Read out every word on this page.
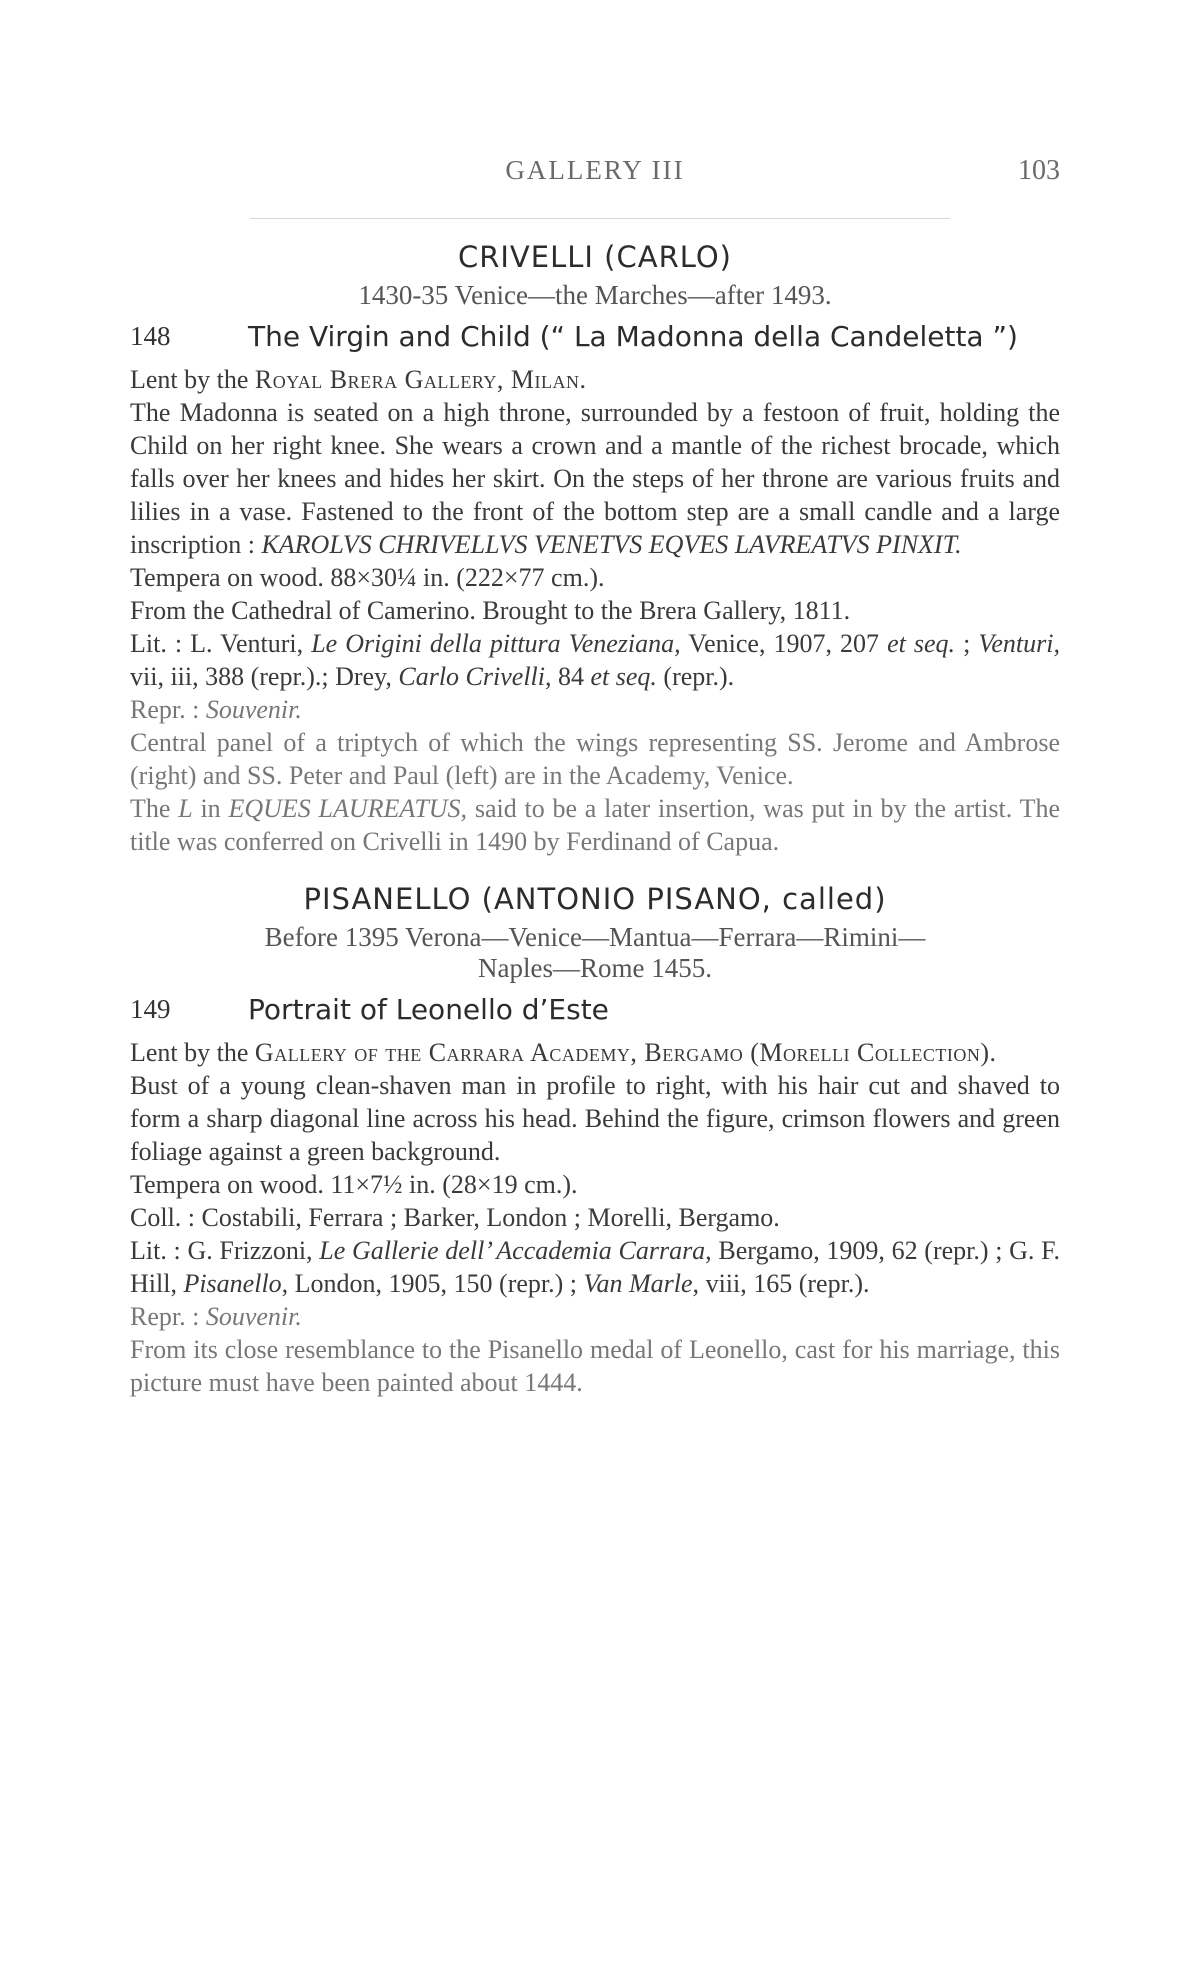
GALLERY III	103
CRIVELLI (CARLO)

1430-35 Venice—the Marches—after 1493.

148	The Virgin and Child (“ La Madonna della Candeletta ”)

Lent by the Royal Brera Gallery, Milan.

The Madonna is seated on a high throne, surrounded by a festoon of fruit, holding the Child on her right knee. She wears a crown and a mantle of the richest brocade, which falls over her knees and hides her skirt. On the steps of her throne are various fruits and lilies in a vase. Fastened to the front of the bottom step are a small candle and a large inscription : KAROLVS CHRIVELLVS VENETVS EQVES LAVREATVS PINXIT.

Tempera on wood. 88×30¼ in. (222×77 cm.).

From the Cathedral of Camerino. Brought to the Brera Gallery, 1811.

Lit. : L. Venturi, Le Origini della pittura Veneziana, Venice, 1907, 207 et seq. ; Venturi, vii, iii, 388 (repr.).; Drey, Carlo Crivelli, 84 et seq. (repr.).

Repr. : Souvenir.

Central panel of a triptych of which the wings representing SS. Jerome and Ambrose (right) and SS. Peter and Paul (left) are in the Academy, Venice.

The L in EQUES LAUREATUS, said to be a later insertion, was put in by the artist. The title was conferred on Crivelli in 1490 by Ferdinand of Capua.

PISANELLO (ANTONIO PISANO, called)

Before 1395 Verona—Venice—Mantua—Ferrara—Rimini—Naples—Rome 1455.

149	Portrait of Leonello d’Este

Lent by the Gallery of the Carrara Academy, Bergamo (Morelli Collection).

Bust of a young clean-shaven man in profile to right, with his hair cut and shaved to form a sharp diagonal line across his head. Behind the figure, crimson flowers and green foliage against a green background.

Tempera on wood. 11×7½ in. (28×19 cm.).

Coll. : Costabili, Ferrara ; Barker, London ; Morelli, Bergamo.

Lit. : G. Frizzoni, Le Gallerie dell’ Accademia Carrara, Bergamo, 1909, 62 (repr.) ; G. F. Hill, Pisanello, London, 1905, 150 (repr.) ; Van Marle, viii, 165 (repr.).

Repr. : Souvenir.

From its close resemblance to the Pisanello medal of Leonello, cast for his marriage, this picture must have been painted about 1444.
